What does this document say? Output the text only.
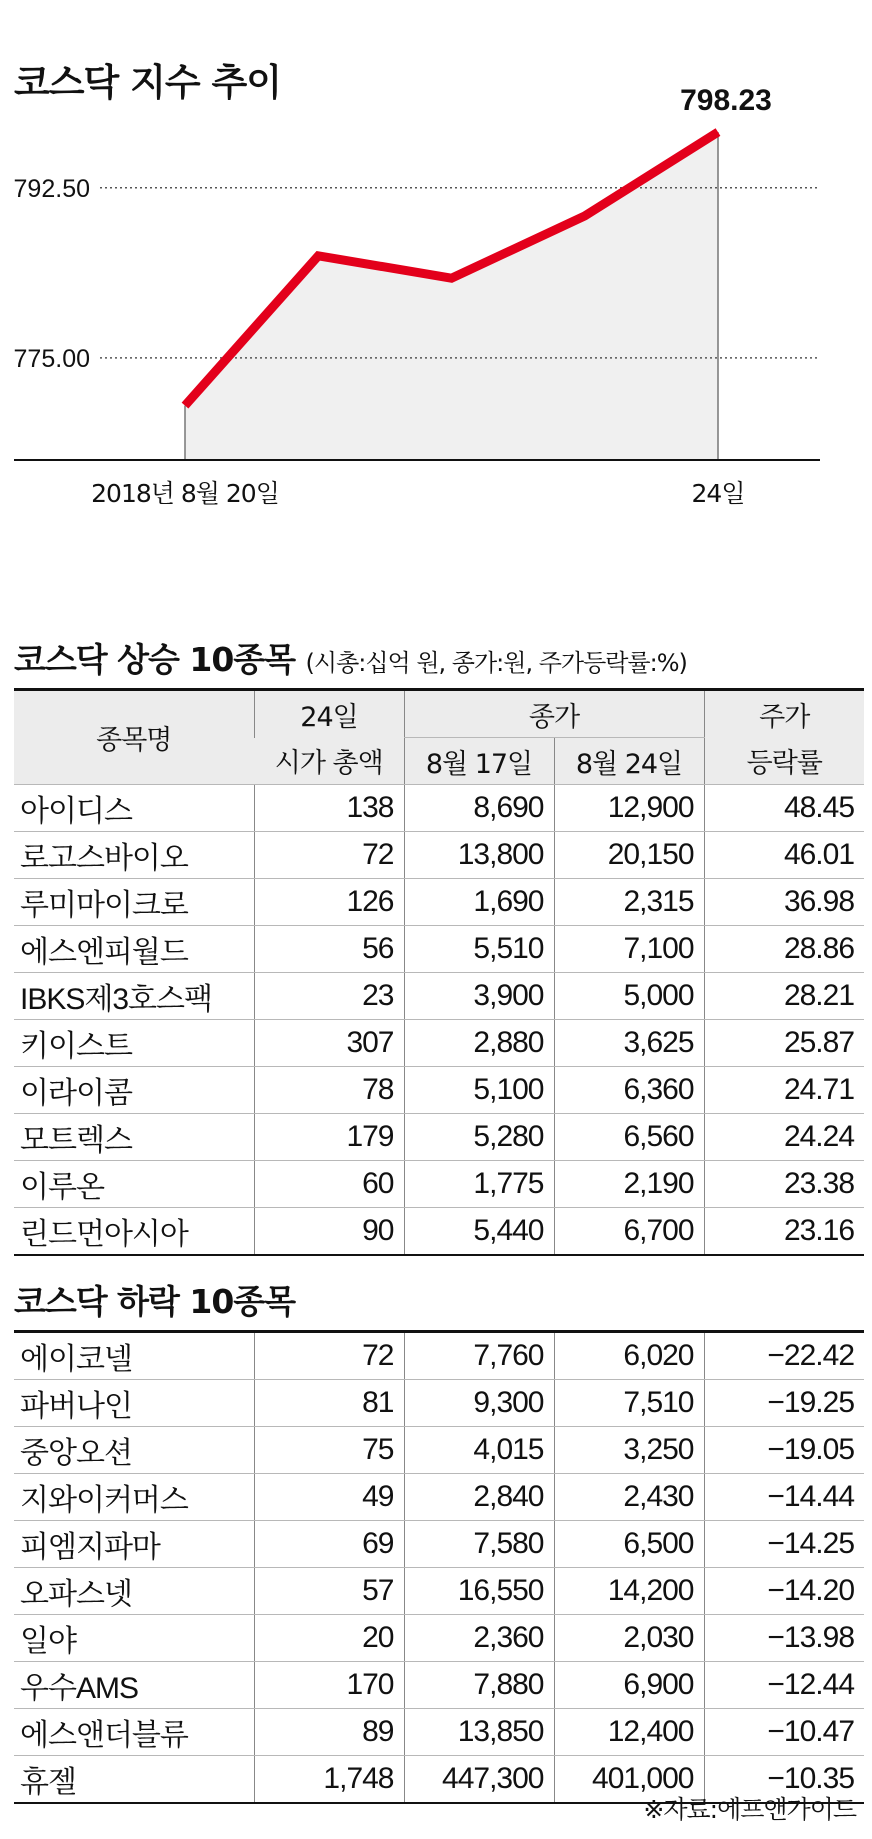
코스닥 지수 추이
775.00
792.50
798.23
2018년 8월 20일	24일
코스닥 상승 10종목 (시총:십억 원, 종가:원, 주가등락률:%)
종목명	24일	종가		주가
	시가 총액	8월 17일	8월 24일	등락률
아이디스	138	8,690	12,900	48.45
로고스바이오	72	13,800	20,150	46.01
루미마이크로	126	1,690	2,315	36.98
에스엔피월드	56	5,510	7,100	28.86
IBKS제3호스팩	23	3,900	5,000	28.21
키이스트	307	2,880	3,625	25.87
이라이콤	78	5,100	6,360	24.71
모트렉스	179	5,280	6,560	24.24
이루온	60	1,775	2,190	23.38
린드먼아시아	90	5,440	6,700	23.16
코스닥 하락 10종목
에이코넬	72	7,760	6,020	−22.42
파버나인	81	9,300	7,510	−19.25
중앙오션	75	4,015	3,250	−19.05
지와이커머스	49	2,840	2,430	−14.44
피엠지파마	69	7,580	6,500	−14.25
오파스넷	57	16,550	14,200	−14.20
일야	20	2,360	2,030	−13.98
우수AMS	170	7,880	6,900	−12.44
에스앤더블류	89	13,850	12,400	−10.47
휴젤	1,748	447,300	401,000	−10.35
※자료:에프앤가이드
